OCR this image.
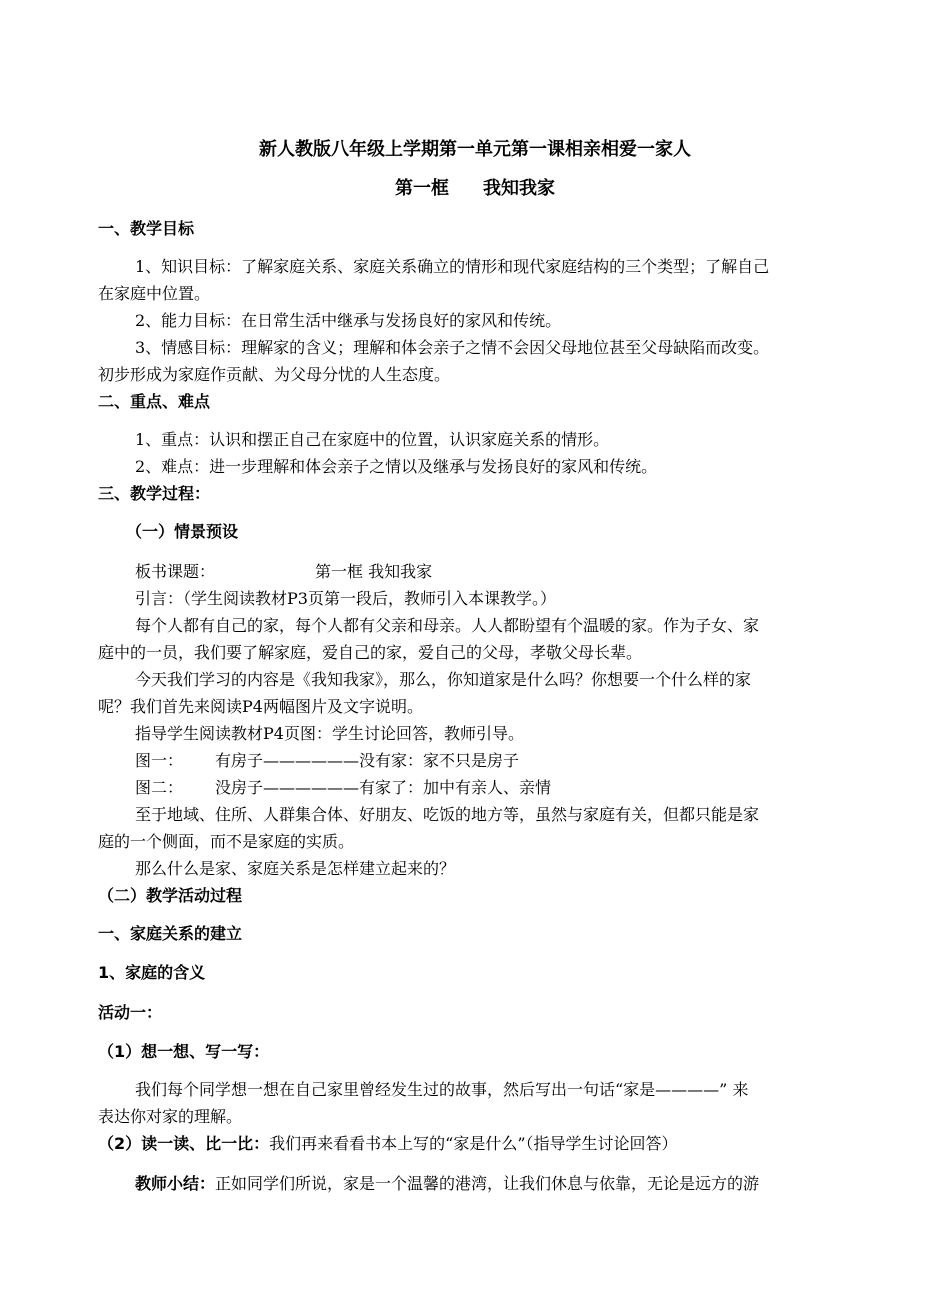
新人教版八年级上学期第一单元第一课相亲相爱一家人
第一框 我知我家
一、教学目标
1、知识目标：了解家庭关系、家庭关系确立的情形和现代家庭结构的三个类型；了解自己
在家庭中位置。
2、能力目标：在日常生活中继承与发扬良好的家风和传统。
3、情感目标：理解家的含义；理解和体会亲子之情不会因父母地位甚至父母缺陷而改变。
初步形成为家庭作贡献、为父母分忧的人生态度。
二、重点、难点
1、重点：认识和摆正自己在家庭中的位置，认识家庭关系的情形。
2、难点：进一步理解和体会亲子之情以及继承与发扬良好的家风和传统。
三、教学过程：
（一）情景预设
板书课题：	第一框 我知我家
引言：（学生阅读教材P3页第一段后，教师引入本课教学。）
每个人都有自己的家，每个人都有父亲和母亲。人人都盼望有个温暖的家。作为子女、家
庭中的一员，我们要了解家庭，爱自己的家，爱自己的父母，孝敬父母长辈。
今天我们学习的内容是《我知我家》，那么，你知道家是什么吗？你想要一个什么样的家
呢？我们首先来阅读P4两幅图片及文字说明。
指导学生阅读教材P4页图：学生讨论回答，教师引导。
图一： 有房子——————没有家：家不只是房子
图二： 没房子——————有家了：加中有亲人、亲情
至于地域、住所、人群集合体、好朋友、吃饭的地方等，虽然与家庭有关，但都只能是家
庭的一个侧面，而不是家庭的实质。
那么什么是家、家庭关系是怎样建立起来的？
（二）教学活动过程
一、家庭关系的建立
1、家庭的含义
活动一：
（1）想一想、写一写：
我们每个同学想一想在自己家里曾经发生过的故事，然后写出一句话“家是————” 来
表达你对家的理解。
（2）读一读、比一比：我们再来看看书本上写的“家是什么”（指导学生讨论回答）
教师小结：正如同学们所说，家是一个温馨的港湾，让我们休息与依靠，无论是远方的游
